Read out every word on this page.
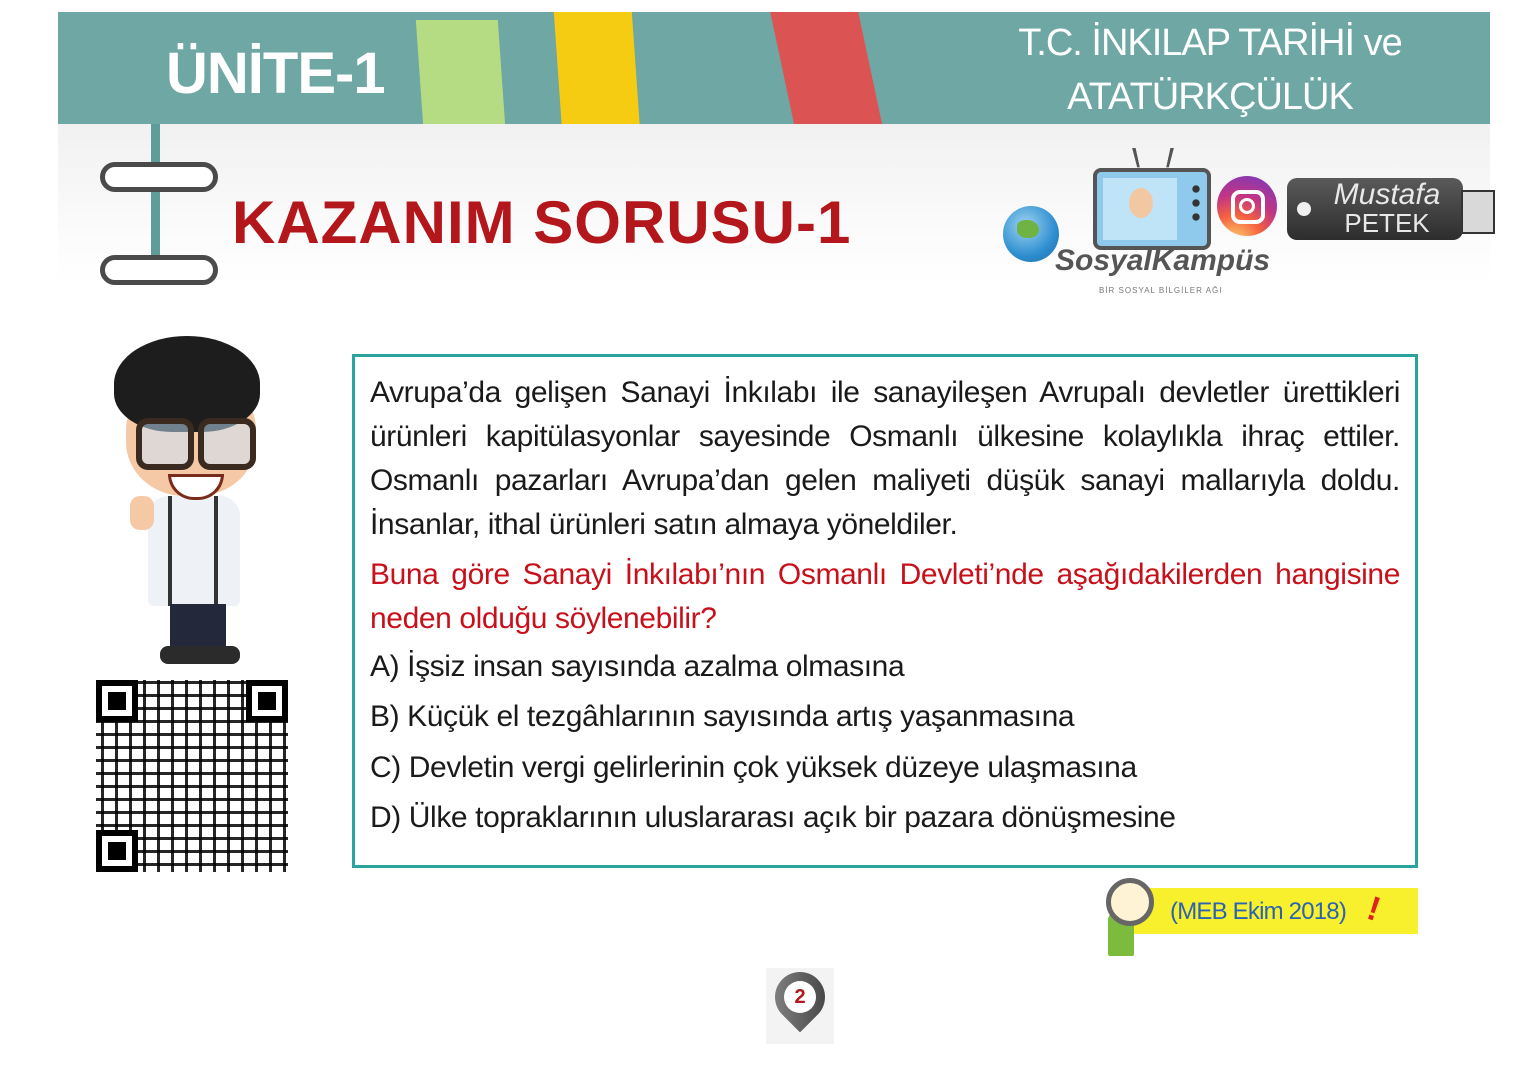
ÜNİTE-1	T.C. İNKILAP TARİHİ ve
ATATÜRKÇÜLÜK
KAZANIM SORUSU-1	Mustafa
PETEK
SosyalKampüs
BİR SOSYAL BİLGİLER AĞI
Avrupa’da gelişen Sanayi İnkılabı ile sanayileşen Avrupalı devletler ürettikleri ürünleri kapitülasyonlar sayesinde Osmanlı ülkesine kolaylıkla ihraç ettiler. Osmanlı pazarları Avrupa’dan gelen maliyeti düşük sanayi mallarıyla doldu. İnsanlar, ithal ürünleri satın almaya yöneldiler.
Buna göre Sanayi İnkılabı’nın Osmanlı Devleti’nde aşağıdakilerden hangisine neden olduğu söylenebilir?
A) İşsiz insan sayısında azalma olmasına
B) Küçük el tezgâhlarının sayısında artış yaşanmasına
C) Devletin vergi gelirlerinin çok yüksek düzeye ulaşmasına
D) Ülke topraklarının uluslararası açık bir pazara dönüşmesine
(MEB Ekim 2018) !
2
